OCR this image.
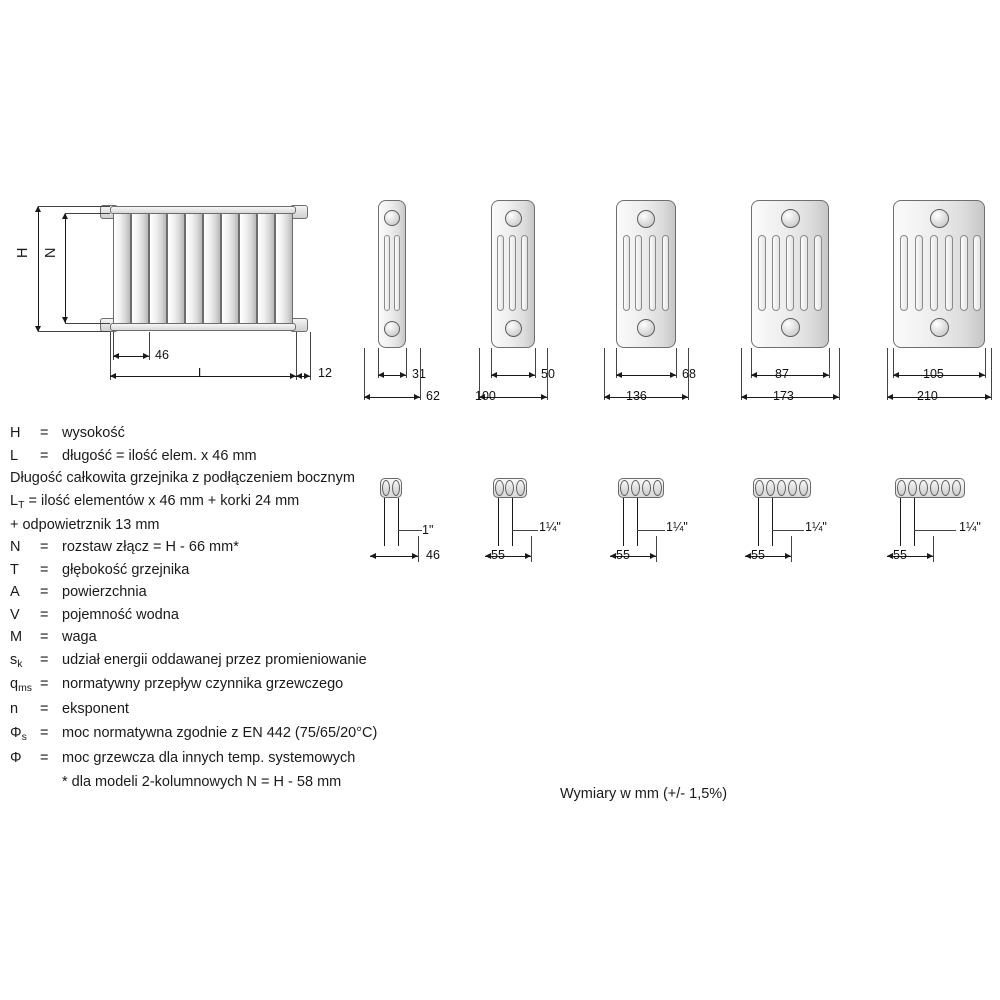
H N
46
L	12	31
62
50
100
68
136
87
173
105
210
1"
46
1¼"
55
1¼"
55
1¼"
55
1¼"
55
H	= wysokość
L	= długość = ilość elem. x 46 mm
Długość całkowita grzejnika z podłączeniem bocznym
$L_T$ = ilość elementów x 46 mm + korki 24 mm
+ odpowietrznik 13 mm
N	= rozstaw złącz = H - 66 mm*
T	= głębokość grzejnika
A	= powierzchnia
V	= pojemność wodna
M	= waga
$s_k$	= udział energii oddawanej przez promieniowanie
$q_{ms}$ = normatywny przepływ czynnika grzewczego
n	= eksponent
$\Phi_s$ = moc normatywna zgodnie z EN 442 (75/65/20°C)
Φ	= moc grzewcza dla innych temp. systemowych
* dla modeli 2-kolumnowych N = H - 58 mm
Wymiary w mm (+/- 1,5%)
